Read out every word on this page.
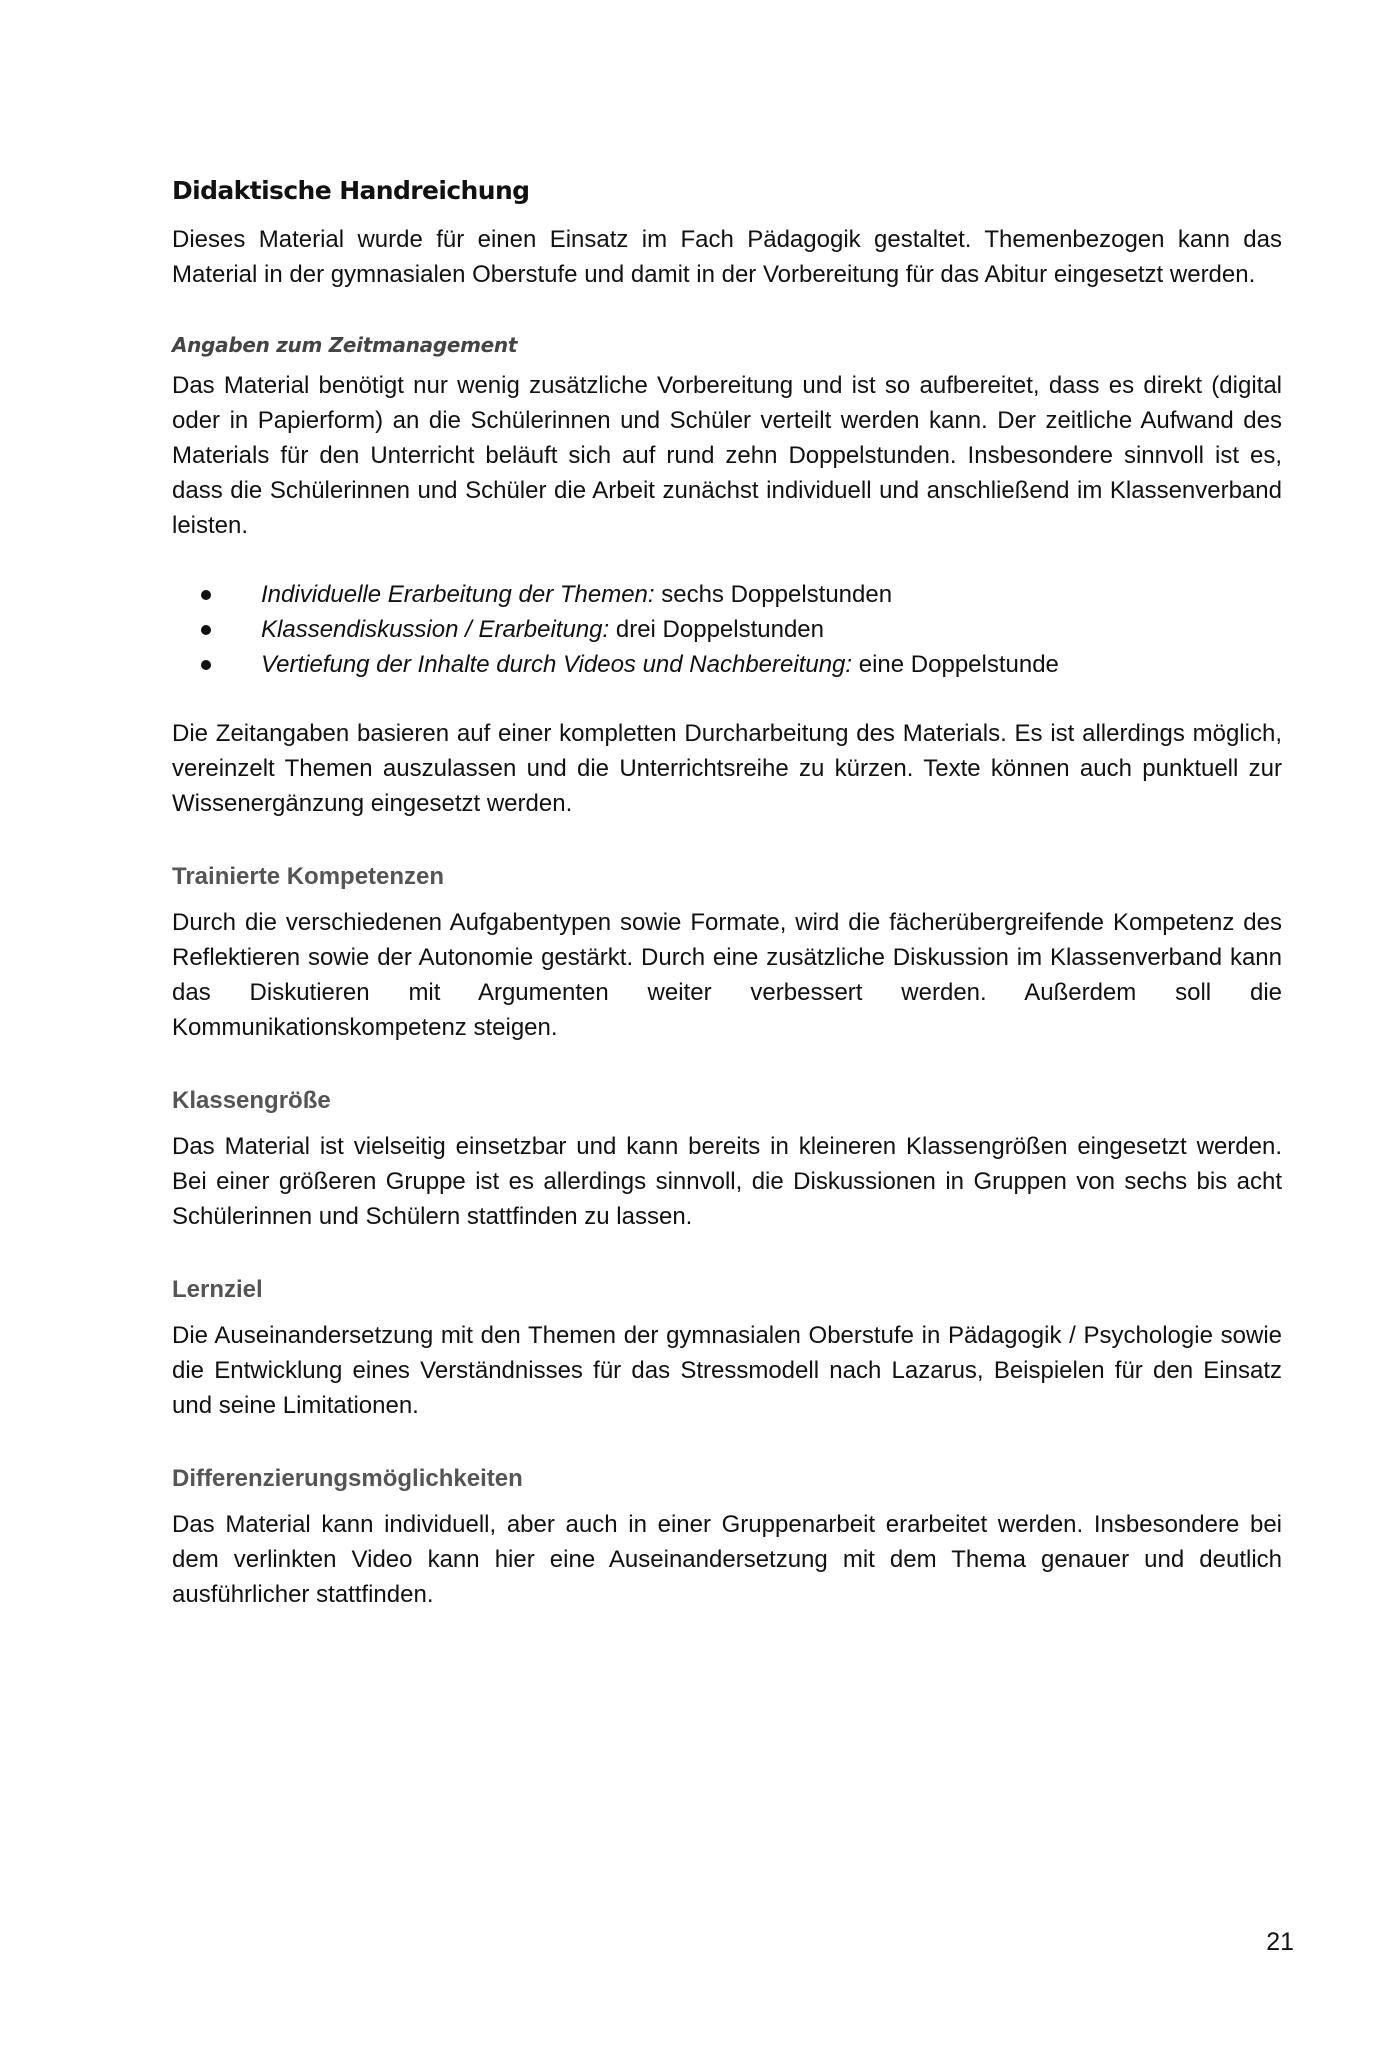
Didaktische Handreichung

Dieses Material wurde für einen Einsatz im Fach Pädagogik gestaltet. Themenbezogen kann das Material in der gymnasialen Oberstufe und damit in der Vorbereitung für das Abitur eingesetzt werden.

Angaben zum Zeitmanagement

Das Material benötigt nur wenig zusätzliche Vorbereitung und ist so aufbereitet, dass es direkt (digital oder in Papierform) an die Schülerinnen und Schüler verteilt werden kann. Der zeitliche Aufwand des Materials für den Unterricht beläuft sich auf rund zehn Doppelstunden. Insbesondere sinnvoll ist es, dass die Schülerinnen und Schüler die Arbeit zunächst individuell und anschließend im Klassenverband leisten.

Individuelle Erarbeitung der Themen: sechs Doppelstunden
Klassendiskussion / Erarbeitung: drei Doppelstunden
Vertiefung der Inhalte durch Videos und Nachbereitung: eine Doppelstunde

Die Zeitangaben basieren auf einer kompletten Durcharbeitung des Materials. Es ist allerdings möglich, vereinzelt Themen auszulassen und die Unterrichtsreihe zu kürzen. Texte können auch punktuell zur Wissenergänzung eingesetzt werden.

Trainierte Kompetenzen

Durch die verschiedenen Aufgabentypen sowie Formate, wird die fächerübergreifende Kompetenz des Reflektieren sowie der Autonomie gestärkt. Durch eine zusätzliche Diskussion im Klassenverband kann das Diskutieren mit Argumenten weiter verbessert werden. Außerdem soll die Kommunikationskompetenz steigen.

Klassengröße

Das Material ist vielseitig einsetzbar und kann bereits in kleineren Klassengrößen eingesetzt werden. Bei einer größeren Gruppe ist es allerdings sinnvoll, die Diskussionen in Gruppen von sechs bis acht Schülerinnen und Schülern stattfinden zu lassen.

Lernziel

Die Auseinandersetzung mit den Themen der gymnasialen Oberstufe in Pädagogik / Psychologie sowie die Entwicklung eines Verständnisses für das Stressmodell nach Lazarus, Beispielen für den Einsatz und seine Limitationen.

Differenzierungsmöglichkeiten

Das Material kann individuell, aber auch in einer Gruppenarbeit erarbeitet werden. Insbesondere bei dem verlinkten Video kann hier eine Auseinandersetzung mit dem Thema genauer und deutlich ausführlicher stattfinden.

21
